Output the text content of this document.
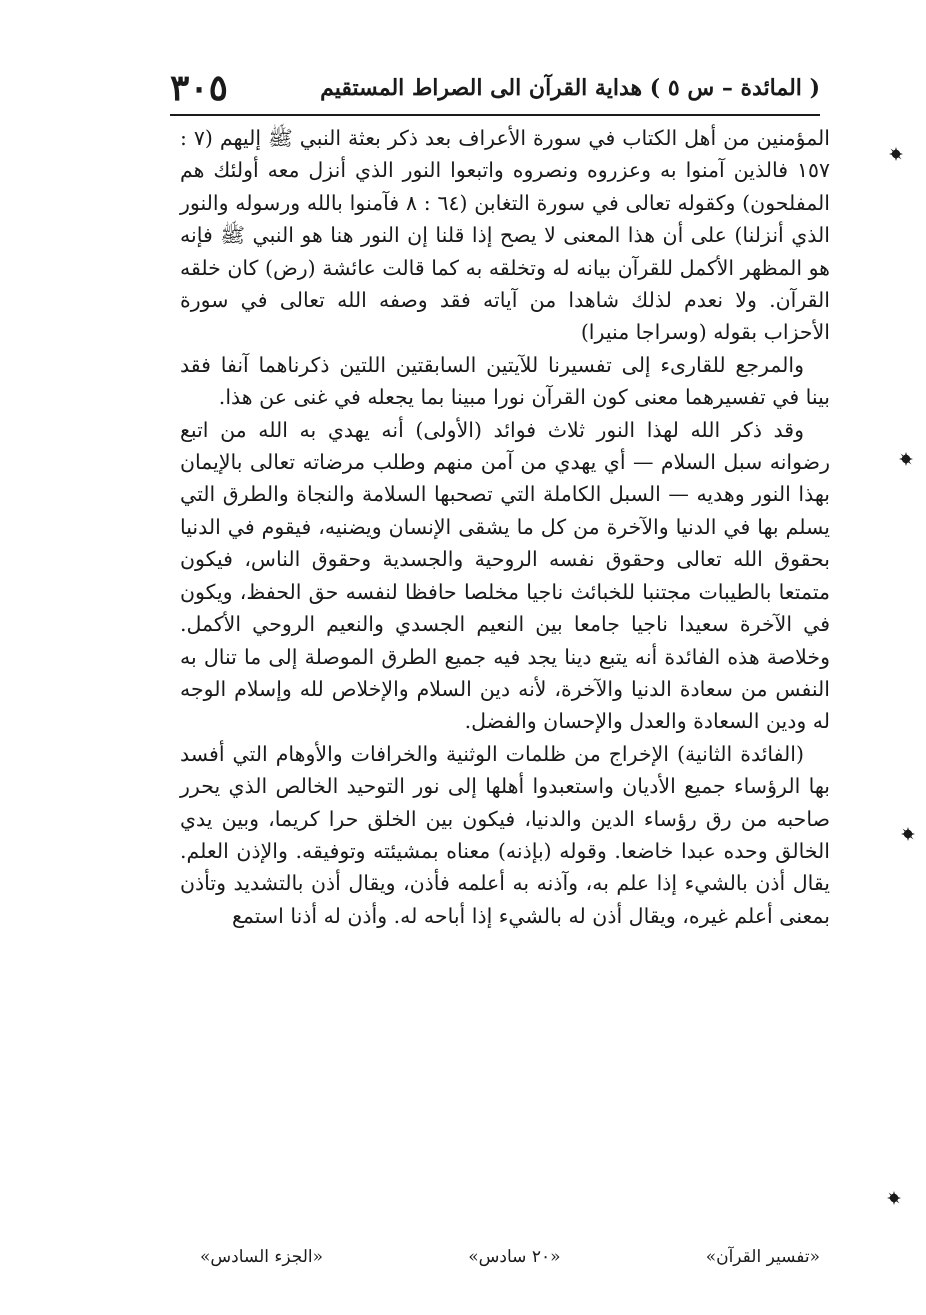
( المائدة – س ٥ ) هداية القرآن الى الصراط المستقيم
٣٠٥

المؤمنين من أهل الكتاب في سورة الأعراف بعد ذكر بعثة النبي ﷺ إليهم (٧ : ١٥٧ فالذين آمنوا به وعزروه ونصروه واتبعوا النور الذي أنزل معه أولئك هم المفلحون) وكقوله تعالى في سورة التغابن (٦٤ : ٨ فآمنوا بالله ورسوله والنور الذي أنزلنا) على أن هذا المعنى لا يصح إذا قلنا إن النور هنا هو النبي ﷺ فإنه هو المظهر الأكمل للقرآن بيانه له وتخلقه به كما قالت عائشة (رض) كان خلقه القرآن. ولا نعدم لذلك شاهدا من آياته فقد وصفه الله تعالى في سورة الأحزاب بقوله (وسراجا منيرا)

والمرجع للقارىء إلى تفسيرنا للآيتين السابقتين اللتين ذكرناهما آنفا فقد بينا في تفسيرهما معنى كون القرآن نورا مبينا بما يجعله في غنى عن هذا.

وقد ذكر الله لهذا النور ثلاث فوائد (الأولى) أنه يهدي به الله من اتبع رضوانه سبل السلام — أي يهدي من آمن منهم وطلب مرضاته تعالى بالإيمان بهذا النور وهديه — السبل الكاملة التي تصحبها السلامة والنجاة والطرق التي يسلم بها في الدنيا والآخرة من كل ما يشقى الإنسان ويضنيه، فيقوم في الدنيا بحقوق الله تعالى وحقوق نفسه الروحية والجسدية وحقوق الناس، فيكون متمتعا بالطيبات مجتنبا للخبائث ناجيا مخلصا حافظا لنفسه حق الحفظ، ويكون في الآخرة سعيدا ناجيا جامعا بين النعيم الجسدي والنعيم الروحي الأكمل. وخلاصة هذه الفائدة أنه يتبع دينا يجد فيه جميع الطرق الموصلة إلى ما تنال به النفس من سعادة الدنيا والآخرة، لأنه دين السلام والإخلاص لله وإسلام الوجه له ودين السعادة والعدل والإحسان والفضل.

(الفائدة الثانية) الإخراج من ظلمات الوثنية والخرافات والأوهام التي أفسد بها الرؤساء جميع الأديان واستعبدوا أهلها إلى نور التوحيد الخالص الذي يحرر صاحبه من رق رؤساء الدين والدنيا، فيكون بين الخلق حرا كريما، وبين يدي الخالق وحده عبدا خاضعا. وقوله (بإذنه) معناه بمشيئته وتوفيقه. والإذن العلم. يقال أذن بالشيء إذا علم به، وآذنه به أعلمه فأذن، ويقال أذن بالتشديد وتأذن بمعنى أعلم غيره، ويقال أذن له بالشيء إذا أباحه له. وأذن له أذنا استمع

«تفسير القرآن»
«٢٠ سادس»
«الجزء السادس»
